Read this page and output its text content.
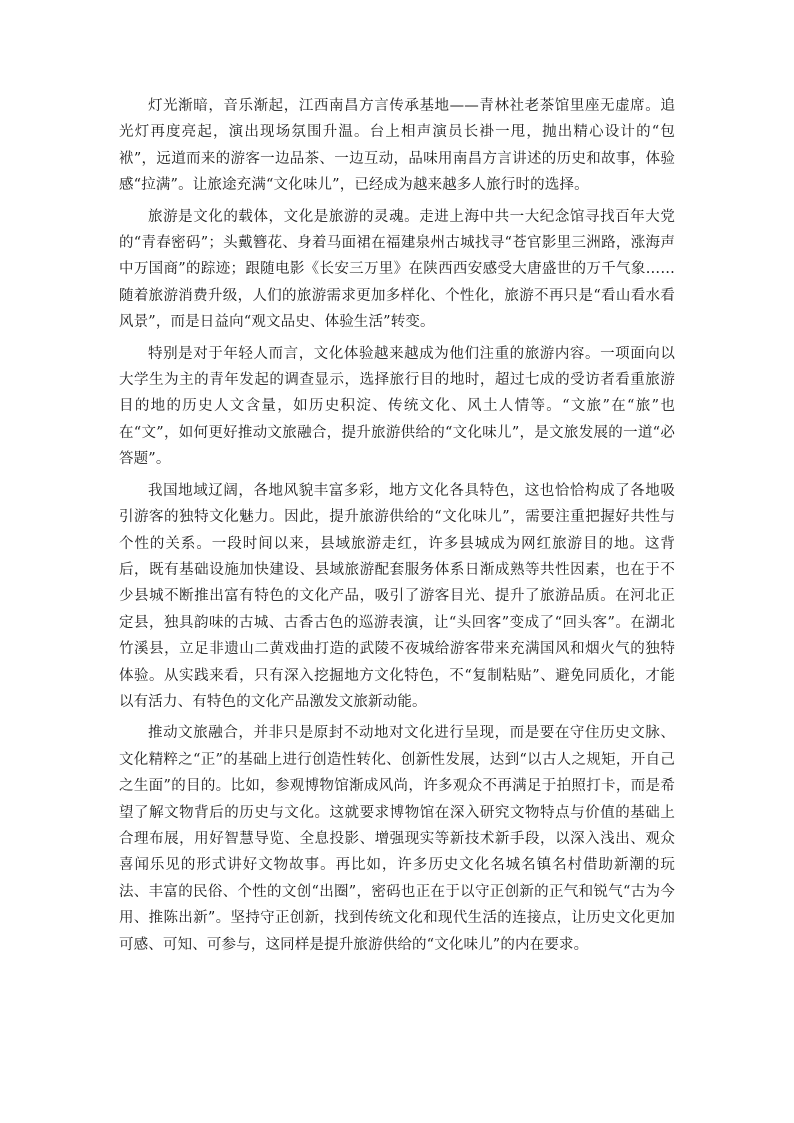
灯光渐暗，音乐渐起，江西南昌方言传承基地——青林社老茶馆里座无虚席。追光灯再度亮起，演出现场氛围升温。台上相声演员长褂一甩，抛出精心设计的“包袱”，远道而来的游客一边品茶、一边互动，品味用南昌方言讲述的历史和故事，体验感“拉满”。让旅途充满“文化味儿”，已经成为越来越多人旅行时的选择。

旅游是文化的载体，文化是旅游的灵魂。走进上海中共一大纪念馆寻找百年大党的“青春密码”；头戴簪花、身着马面裙在福建泉州古城找寻“苍官影里三洲路，涨海声中万国商”的踪迹；跟随电影《长安三万里》在陕西西安感受大唐盛世的万千气象……随着旅游消费升级，人们的旅游需求更加多样化、个性化，旅游不再只是“看山看水看风景”，而是日益向“观文品史、体验生活”转变。

特别是对于年轻人而言，文化体验越来越成为他们注重的旅游内容。一项面向以大学生为主的青年发起的调查显示，选择旅行目的地时，超过七成的受访者看重旅游目的地的历史人文含量，如历史积淀、传统文化、风土人情等。“文旅”在“旅”也在“文”，如何更好推动文旅融合，提升旅游供给的“文化味儿”，是文旅发展的一道“必答题”。

我国地域辽阔，各地风貌丰富多彩，地方文化各具特色，这也恰恰构成了各地吸引游客的独特文化魅力。因此，提升旅游供给的“文化味儿”，需要注重把握好共性与个性的关系。一段时间以来，县域旅游走红，许多县城成为网红旅游目的地。这背后，既有基础设施加快建设、县域旅游配套服务体系日渐成熟等共性因素，也在于不少县城不断推出富有特色的文化产品，吸引了游客目光、提升了旅游品质。在河北正定县，独具韵味的古城、古香古色的巡游表演，让“头回客”变成了“回头客”。在湖北竹溪县，立足非遗山二黄戏曲打造的武陵不夜城给游客带来充满国风和烟火气的独特体验。从实践来看，只有深入挖掘地方文化特色，不“复制粘贴”、避免同质化，才能以有活力、有特色的文化产品激发文旅新动能。

推动文旅融合，并非只是原封不动地对文化进行呈现，而是要在守住历史文脉、文化精粹之“正”的基础上进行创造性转化、创新性发展，达到“以古人之规矩，开自己之生面”的目的。比如，参观博物馆渐成风尚，许多观众不再满足于拍照打卡，而是希望了解文物背后的历史与文化。这就要求博物馆在深入研究文物特点与价值的基础上合理布展，用好智慧导览、全息投影、增强现实等新技术新手段，以深入浅出、观众喜闻乐见的形式讲好文物故事。再比如，许多历史文化名城名镇名村借助新潮的玩法、丰富的民俗、个性的文创“出圈”，密码也正在于以守正创新的正气和锐气“古为今用、推陈出新”。坚持守正创新，找到传统文化和现代生活的连接点，让历史文化更加可感、可知、可参与，这同样是提升旅游供给的“文化味儿”的内在要求。
